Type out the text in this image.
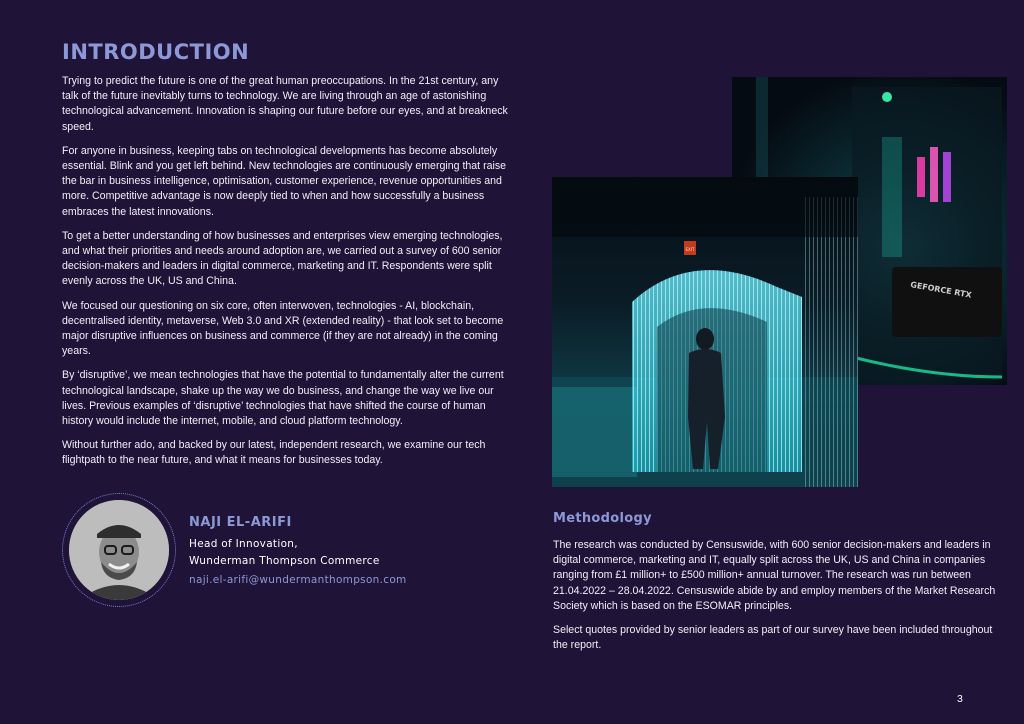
INTRODUCTION

Trying to predict the future is one of the great human preoccupations. In the 21st century, any talk of the future inevitably turns to technology. We are living through an age of astonishing technological advancement. Innovation is shaping our future before our eyes, and at breakneck speed.

For anyone in business, keeping tabs on technological developments has become absolutely essential. Blink and you get left behind. New technologies are continuously emerging that raise the bar in business intelligence, optimisation, customer experience, revenue opportunities and more. Competitive advantage is now deeply tied to when and how successfully a business embraces the latest innovations.

To get a better understanding of how businesses and enterprises view emerging technologies, and what their priorities and needs around adoption are, we carried out a survey of 600 senior decision-makers and leaders in digital commerce, marketing and IT. Respondents were split evenly across the UK, US and China.

We focused our questioning on six core, often interwoven, technologies - AI, blockchain, decentralised identity, metaverse, Web 3.0 and XR (extended reality) - that look set to become major disruptive influences on business and commerce (if they are not already) in the coming years.

By ‘disruptive’, we mean technologies that have the potential to fundamentally alter the current technological landscape, shake up the way we do business, and change the way we live our lives. Previous examples of ‘disruptive’ technologies that have shifted the course of human history would include the internet, mobile, and cloud platform technology.

Without further ado, and backed by our latest, independent research, we examine our tech flightpath to the near future, and what it means for businesses today.

GEFORCE RTX
EXIT
NAJI EL-ARIFI
Head of Innovation,
Wunderman Thompson Commerce
naji.el-arifi@wundermanthompson.com
Methodology

The research was conducted by Censuswide, with 600 senior decision-makers and leaders in digital commerce, marketing and IT, equally split across the UK, US and China in companies ranging from £1 million+ to £500 million+ annual turnover. The research was run between 21.04.2022 – 28.04.2022. Censuswide abide by and employ members of the Market Research Society which is based on the ESOMAR principles.

Select quotes provided by senior leaders as part of our survey have been included throughout the report.

3
